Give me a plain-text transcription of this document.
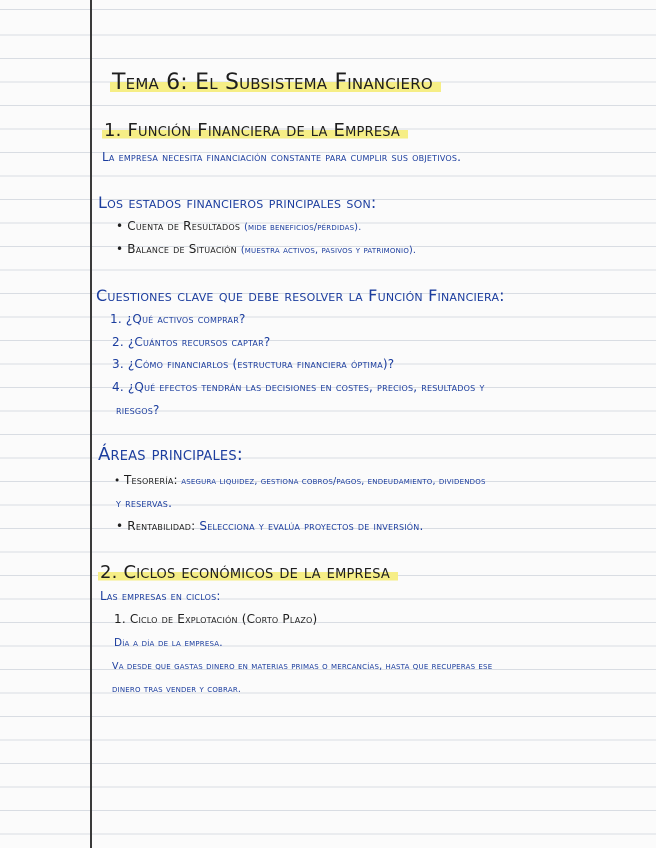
Tema 6: El Subsistema Financiero
1. Función Financiera de la Empresa
La empresa necesita financiación constante para cumplir sus objetivos.
Los estados financieros principales son:
• Cuenta de Resultados (mide beneficios/pérdidas).
• Balance de Situación (muestra activos, pasivos y patrimonio).
Cuestiones clave que debe resolver la Función Financiera:
1. ¿Qué activos comprar?
2. ¿Cuántos recursos captar?
3. ¿Cómo financiarlos (estructura financiera óptima)?
4. ¿Qué efectos tendrán las decisiones en costes, precios, resultados y
riesgos?
Áreas principales:
• Tesorería: asegura liquidez, gestiona cobros/pagos, endeudamiento, dividendos
y reservas.
• Rentabilidad: Selecciona y evalúa proyectos de inversión.
2. Ciclos económicos de la empresa
Las empresas en ciclos:
1. Ciclo de Explotación (Corto Plazo)
Día a día de la empresa.
Va desde que gastas dinero en materias primas o mercancías, hasta que recuperas ese
dinero tras vender y cobrar.
